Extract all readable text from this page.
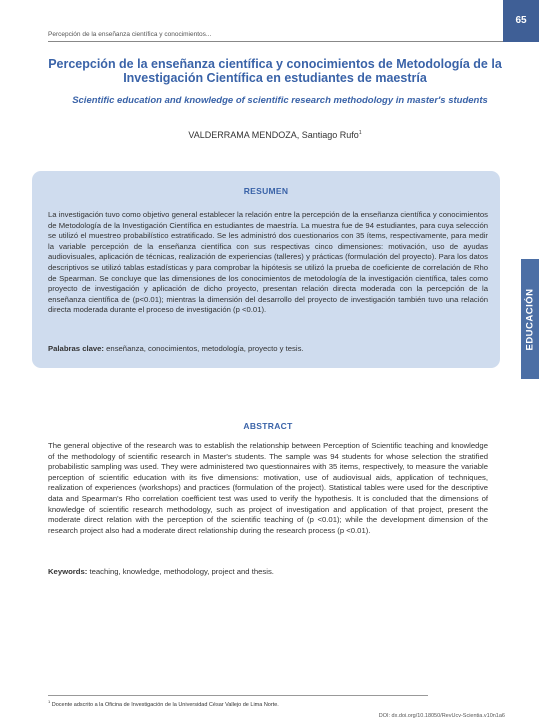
Percepción de la enseñanza científica y conocimientos...
65
EDUCACIÓN
Percepción de la enseñanza científica y conocimientos de Metodología de la Investigación Científica en estudiantes de maestría
Scientific education and knowledge of scientific research methodology in master's students
VALDERRAMA MENDOZA, Santiago Rufo$^1$
RESUMEN

La investigación tuvo como objetivo general establecer la relación entre la percepción de la enseñanza científica y conocimientos de Metodología de la Investigación Científica en estudiantes de maestría. La muestra fue de 94 estudiantes, para cuya selección se utilizó el muestreo probabilístico estratificado. Se les administró dos cuestionarios con 35 ítems, respectivamente, para medir la variable percepción de la enseñanza científica con sus respectivas cinco dimensiones: motivación, uso de ayudas audiovisuales, aplicación de técnicas, realización de experiencias (talleres) y prácticas (formulación del proyecto). Para los datos descriptivos se utilizó tablas estadísticas y para comprobar la hipótesis se utilizó la prueba de coeficiente de correlación de Rho de Spearman. Se concluye que las dimensiones de los conocimientos de metodología de la investigación científica, tales como proyecto de investigación y aplicación de dicho proyecto, presentan relación directa moderada con la percepción de la enseñanza científica de (p<0.01); mientras la dimensión del desarrollo del proyecto de investigación también tuvo una relación directa moderada durante el proceso de investigación (p <0.01).

Palabras clave: enseñanza, conocimientos, metodología, proyecto y tesis.

ABSTRACT

The general objective of the research was to establish the relationship between Perception of Scientific teaching and knowledge of the methodology of scientific research in Master's students. The sample was 94 students for whose selection the stratified probabilistic sampling was used. They were administered two questionnaires with 35 items, respectively, to measure the variable perception of scientific education with its five dimensions: motivation, use of audiovisual aids, application of techniques, realization of experiences (workshops) and practices (formulation of the project). Statistical tables were used for the descriptive data and Spearman's Rho correlation coefficient test was used to verify the hypothesis. It is concluded that the dimensions of knowledge of scientific research methodology, such as project of investigation and application of that project, present the moderate direct relation with the perception of the scientific teaching of (p <0.01); while the development dimension of the research project also had a moderate direct relationship during the research process (p <0.01).

Keywords: teaching, knowledge, methodology, project and thesis.

$^1$ Docente adscrito a la Oficina de Investigación de la Universidad César Vallejo de Lima Norte.
DOI: dx.doi.org/10.18050/RevUcv-Scientia.v10n1a6
